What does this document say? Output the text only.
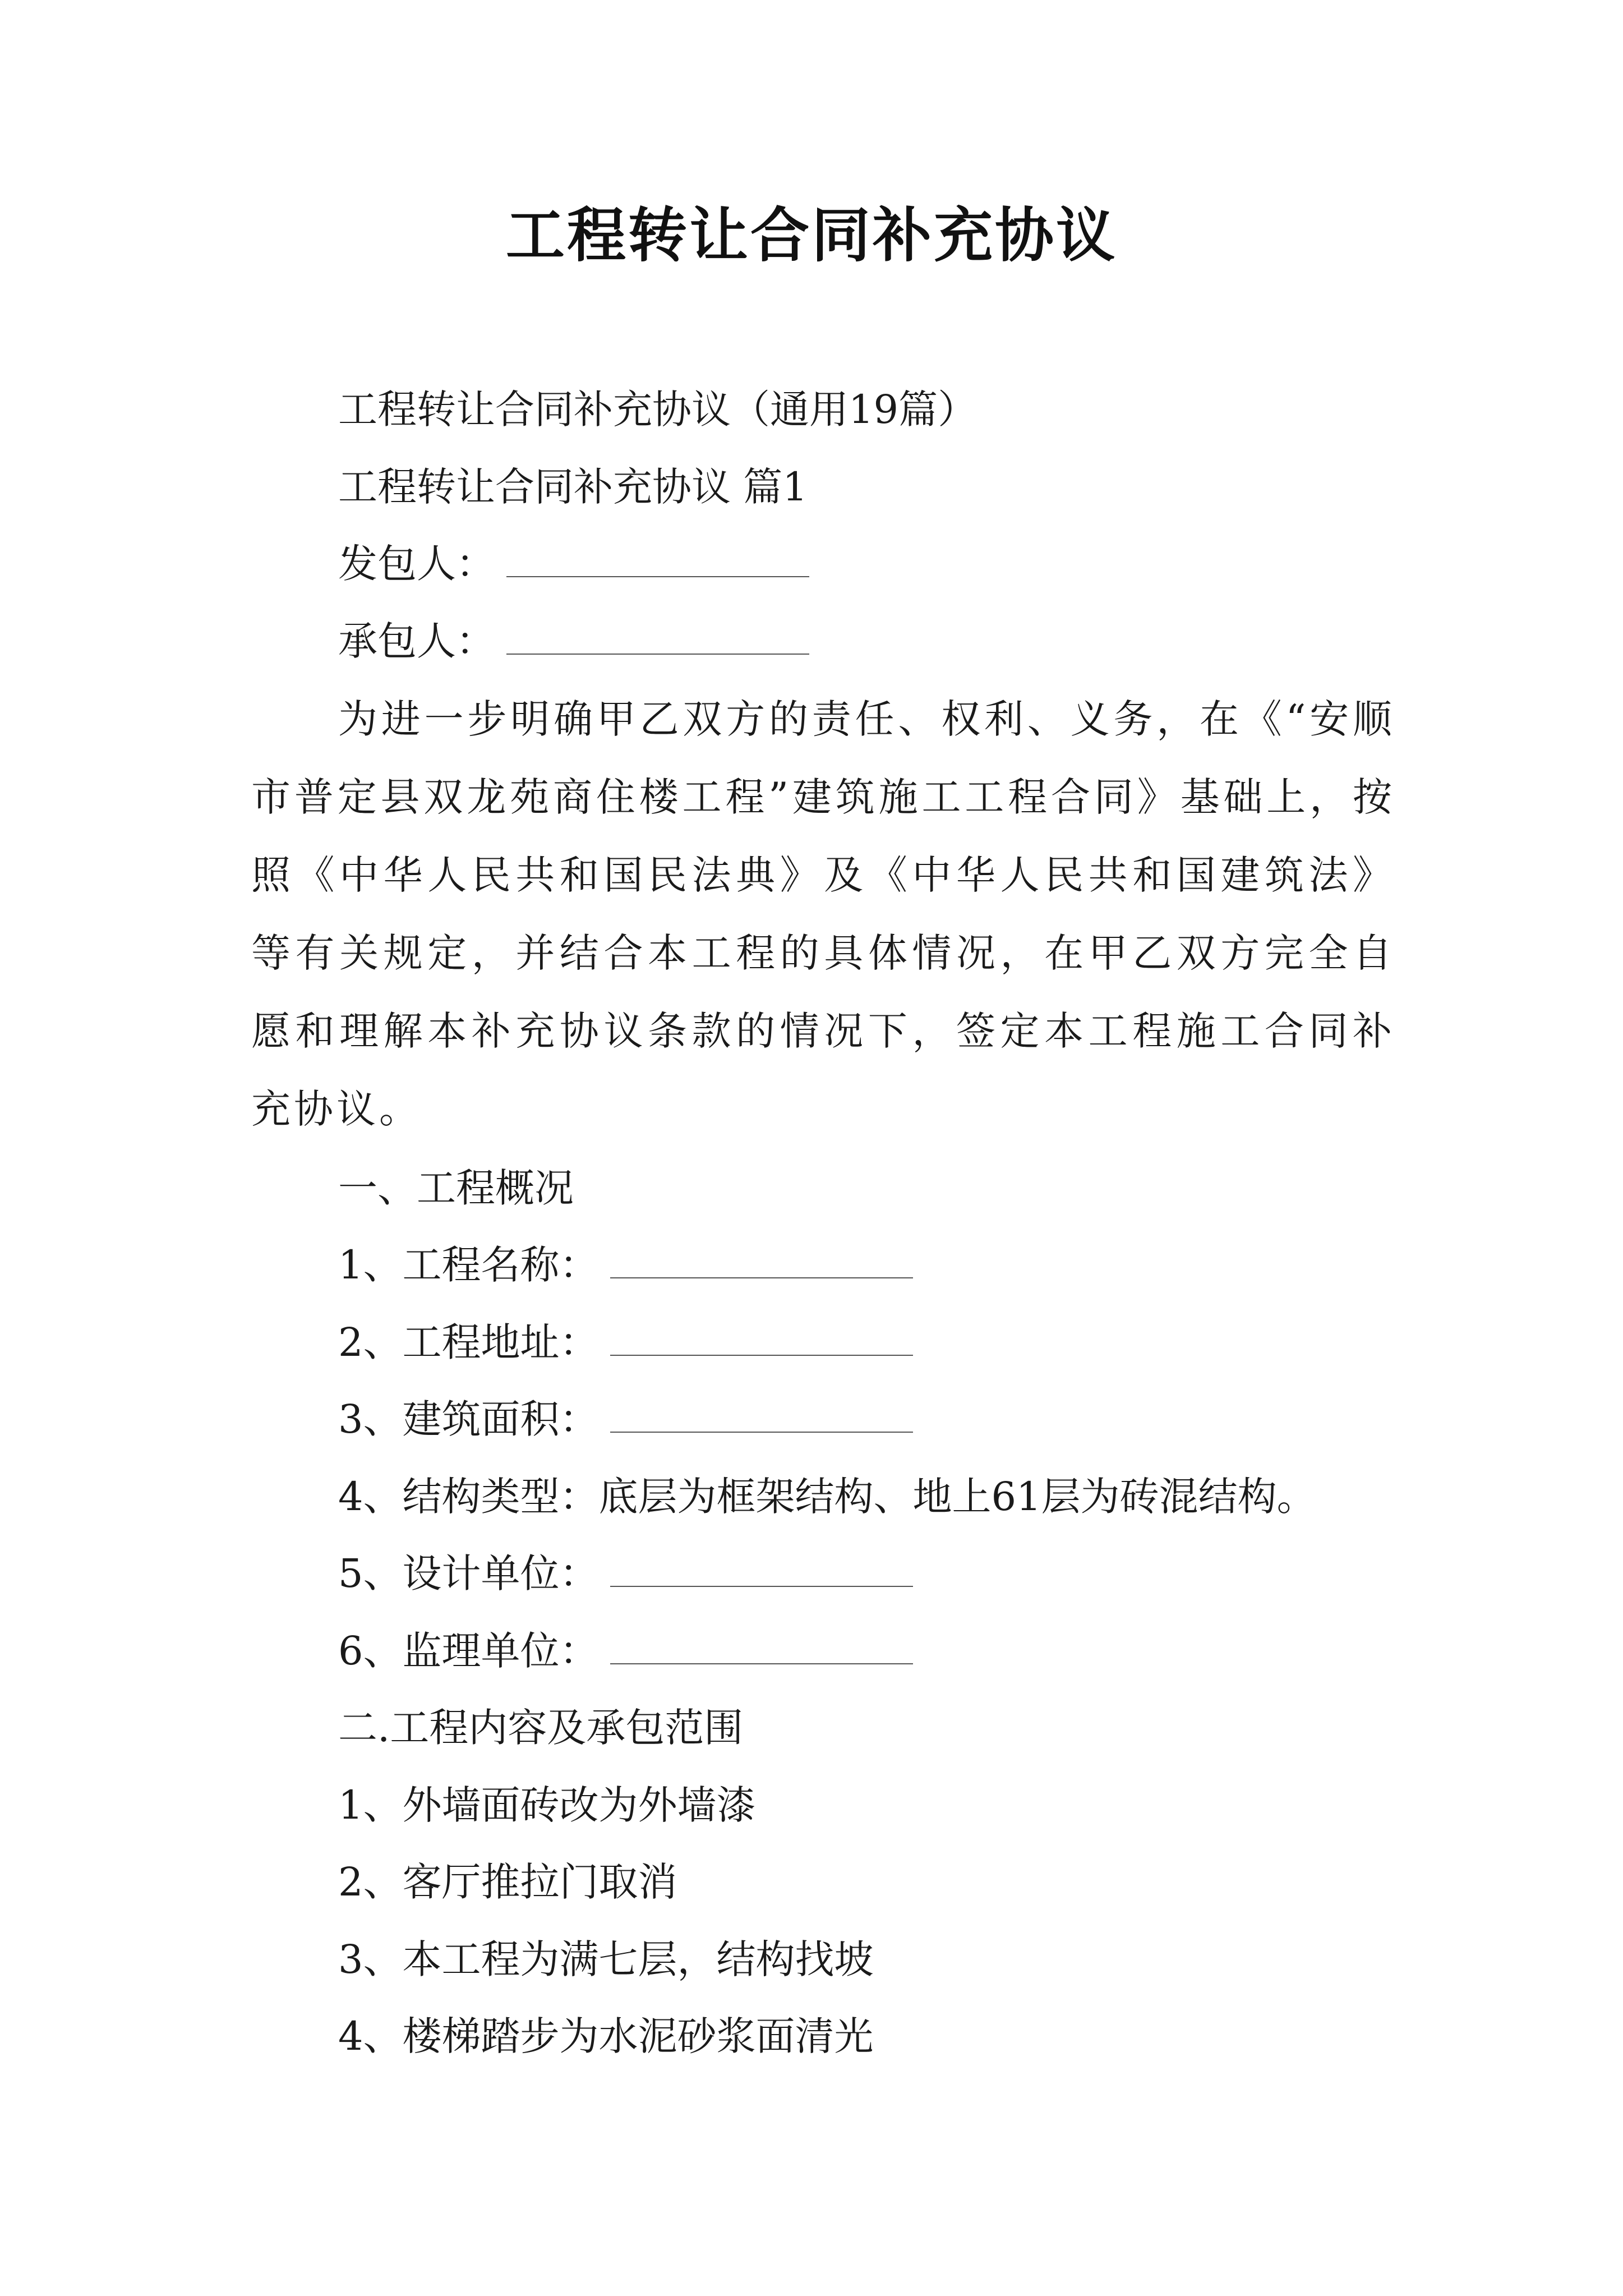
工程转让合同补充协议
工程转让合同补充协议（通用19篇）
工程转让合同补充协议 篇1
发包人：
承包人：
为进一步明确甲乙双方的责任、权利、义务，在《“安顺市普定县双龙苑商住楼工程”建筑施工工程合同》基础上，按照《中华人民共和国民法典》及《中华人民共和国建筑法》等有关规定，并结合本工程的具体情况，在甲乙双方完全自愿和理解本补充协议条款的情况下，签定本工程施工合同补充协议。
一、工程概况
1、工程名称：
2、工程地址：
3、建筑面积：
4、结构类型：底层为框架结构、地上61层为砖混结构。
5、设计单位：
6、监理单位：
二.工程内容及承包范围
1、外墙面砖改为外墙漆
2、客厅推拉门取消
3、本工程为满七层，结构找坡
4、楼梯踏步为水泥砂浆面清光
